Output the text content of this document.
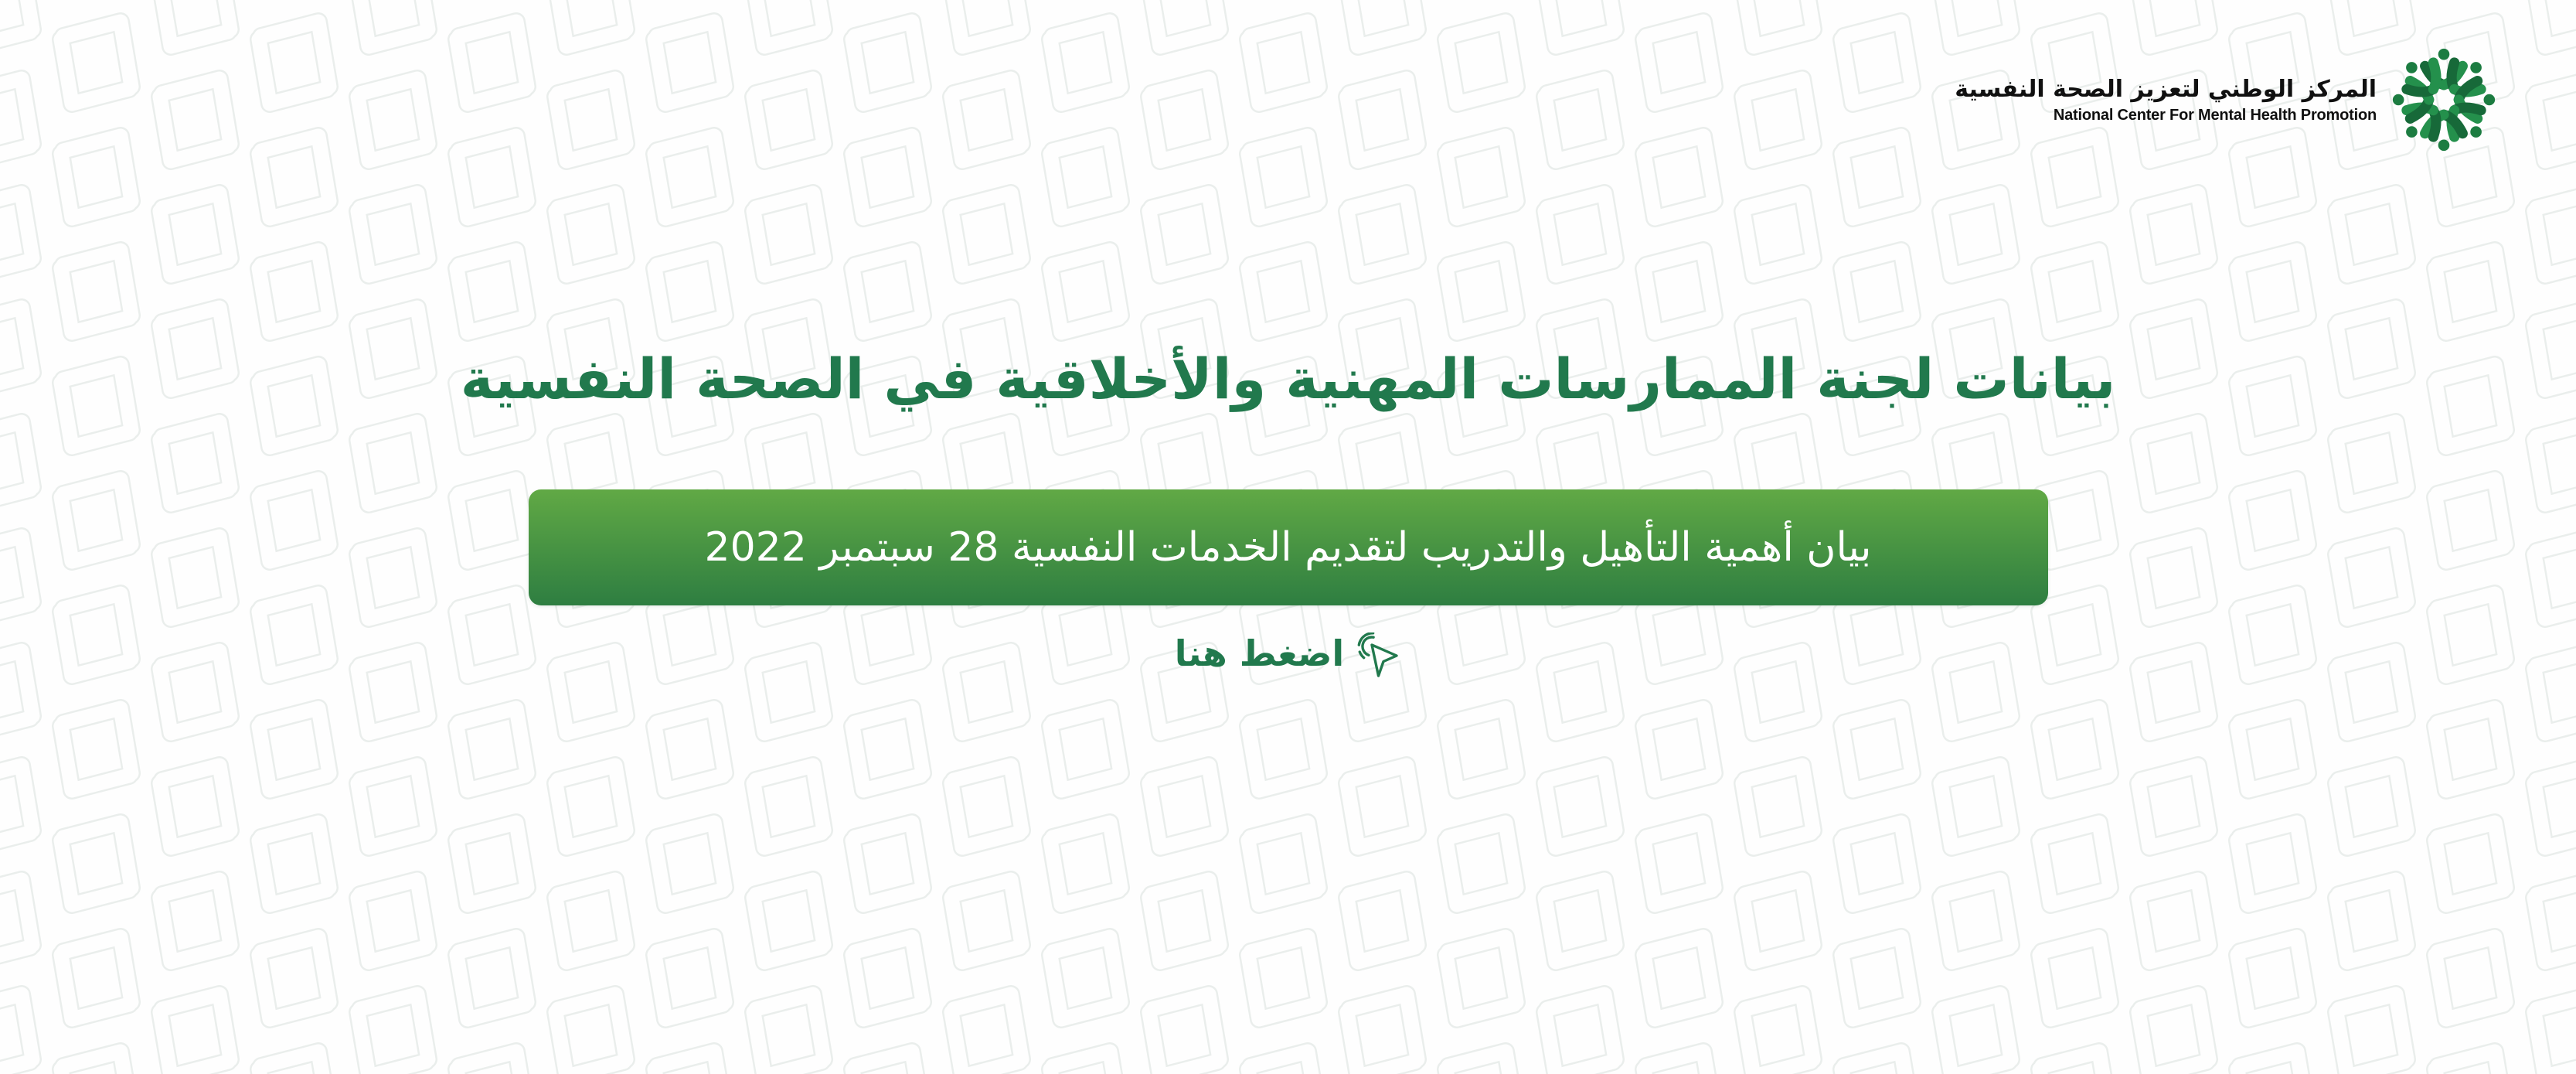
المركز الوطني لتعزيز الصحة النفسية
National Center For Mental Health Promotion
بيانات لجنة الممارسات المهنية والأخلاقية في الصحة النفسية
بيان أهمية التأهيل والتدريب لتقديم الخدمات النفسية 28 سبتمبر 2022
اضغط هنا
